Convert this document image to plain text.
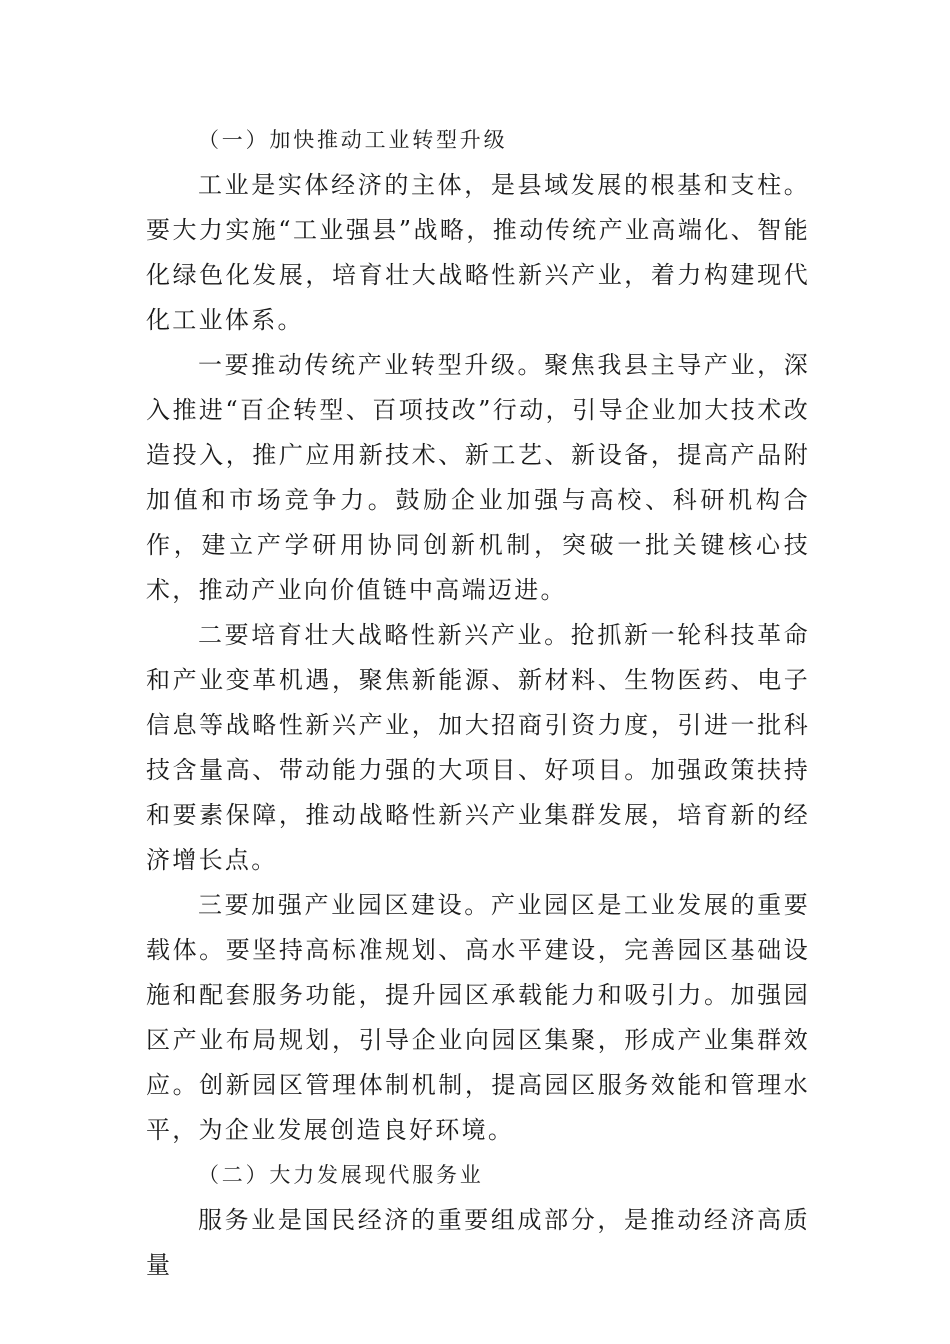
（一）加快推动工业转型升级

工业是实体经济的主体，是县域发展的根基和支柱。要大力实施“工业强县”战略，推动传统产业高端化、智能化绿色化发展，培育壮大战略性新兴产业，着力构建现代化工业体系。

一要推动传统产业转型升级。聚焦我县主导产业，深入推进“百企转型、百项技改”行动，引导企业加大技术改造投入，推广应用新技术、新工艺、新设备，提高产品附加值和市场竞争力。鼓励企业加强与高校、科研机构合作，建立产学研用协同创新机制，突破一批关键核心技术，推动产业向价值链中高端迈进。

二要培育壮大战略性新兴产业。抢抓新一轮科技革命和产业变革机遇，聚焦新能源、新材料、生物医药、电子信息等战略性新兴产业，加大招商引资力度，引进一批科技含量高、带动能力强的大项目、好项目。加强政策扶持和要素保障，推动战略性新兴产业集群发展，培育新的经济增长点。

三要加强产业园区建设。产业园区是工业发展的重要载体。要坚持高标准规划、高水平建设，完善园区基础设施和配套服务功能，提升园区承载能力和吸引力。加强园区产业布局规划，引导企业向园区集聚，形成产业集群效应。创新园区管理体制机制，提高园区服务效能和管理水平，为企业发展创造良好环境。

（二）大力发展现代服务业

服务业是国民经济的重要组成部分，是推动经济高质量
